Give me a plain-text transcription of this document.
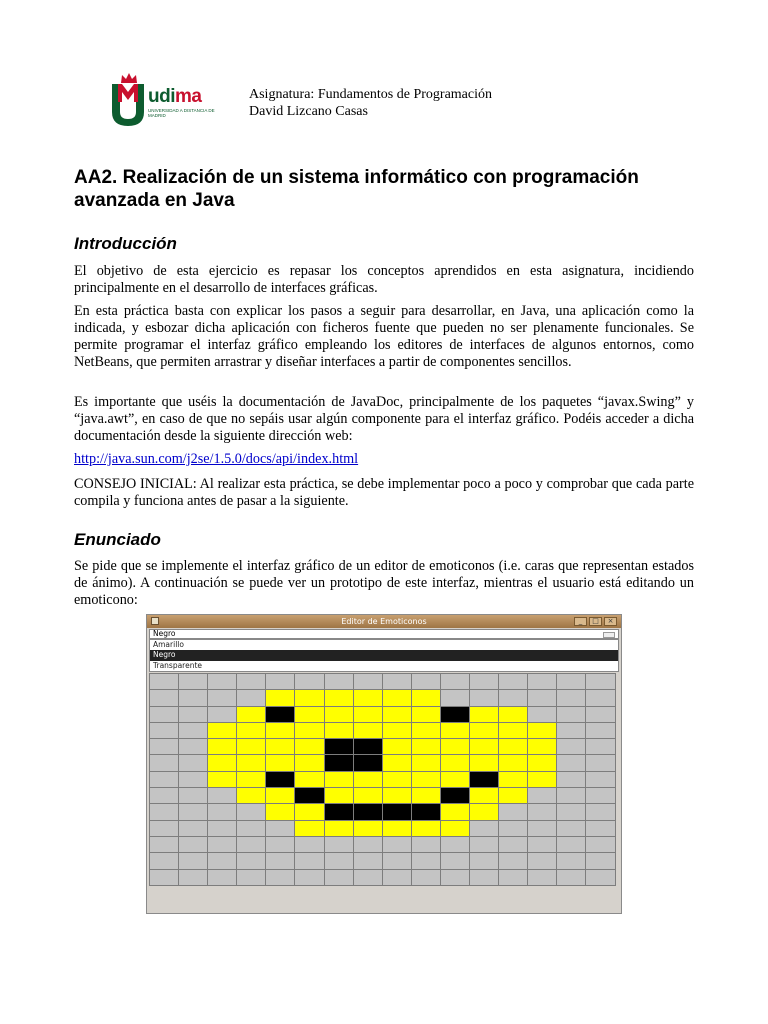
udima
UNIVERSIDAD A DISTANCIA DE MADRID
Asignatura: Fundamentos de Programación
David Lizcano Casas
AA2. Realización de un sistema informático con programación avanzada en Java
Introducción

El objetivo de esta ejercicio es repasar los conceptos aprendidos en esta asignatura, incidiendo principalmente en el desarrollo de interfaces gráficas.

En esta práctica basta con explicar los pasos a seguir para desarrollar, en Java, una aplicación como la indicada, y esbozar dicha aplicación con ficheros fuente que pueden no ser plenamente funcionales. Se permite programar el interfaz gráfico empleando los editores de interfaces de algunos entornos, como NetBeans, que permiten arrastrar y diseñar interfaces a partir de componentes sencillos.

Es importante que uséis la documentación de JavaDoc, principalmente de los paquetes “javax.Swing” y “java.awt”, en caso de que no sepáis usar algún componente para el interfaz gráfico. Podéis acceder a dicha documentación desde la siguiente dirección web:

http://java.sun.com/j2se/1.5.0/docs/api/index.html

CONSEJO INICIAL: Al realizar esta práctica, se debe implementar poco a poco y comprobar que cada parte compila y funciona antes de pasar a la siguiente.

Enunciado

Se pide que se implemente el interfaz gráfico de un editor de emoticonos (i.e. caras que representan estados de ánimo). A continuación se puede ver un prototipo de este interfaz, mientras el usuario está editando un emoticono:

Editor de Emoticonos	_	□	×
Negro
Amarillo
Negro
Transparente
